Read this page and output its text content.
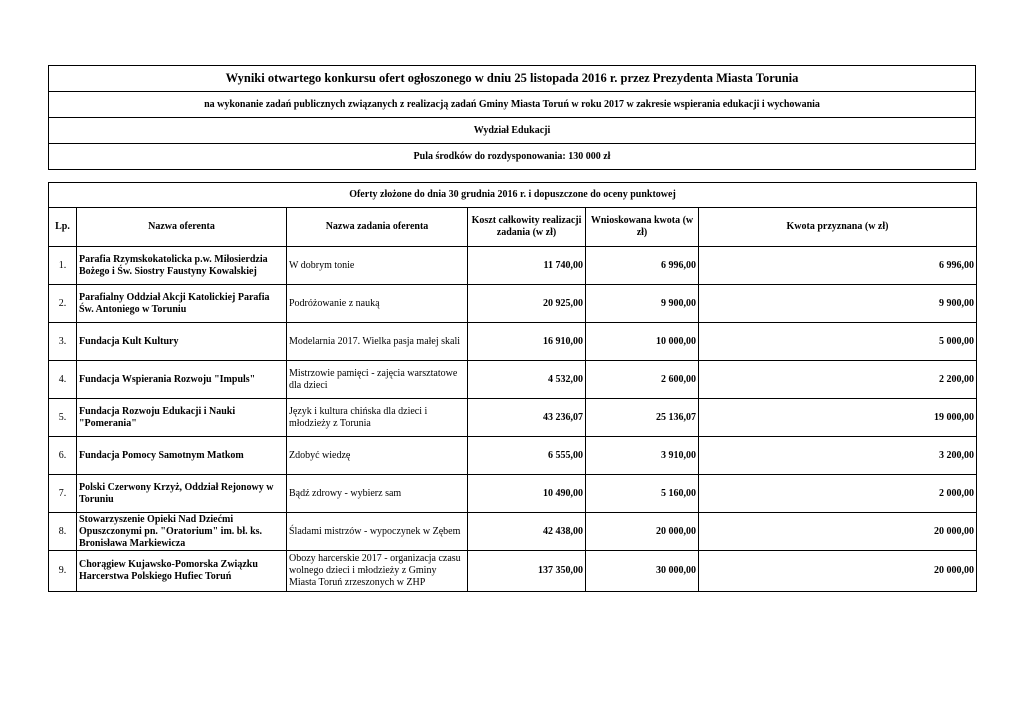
Wyniki otwartego konkursu ofert ogłoszonego w dniu 25 listopada 2016 r. przez Prezydenta Miasta Torunia
na wykonanie zadań publicznych związanych z realizacją zadań Gminy Miasta Toruń w roku 2017 w zakresie wspierania edukacji i wychowania
Wydział Edukacji
Pula środków do rozdysponowania: 130 000 zł
Oferty złożone do dnia 30 grudnia 2016 r. i dopuszczone do oceny punktowej					
Lp.	Nazwa oferenta	Nazwa zadania oferenta	Koszt całkowity realizacji zadania (w zł)	Wnioskowana kwota (w zł)	Kwota przyznana (w zł)
1.	Parafia Rzymskokatolicka p.w. Miłosierdzia Bożego i Św. Siostry Faustyny Kowalskiej	W dobrym tonie	11 740,00	6 996,00	6 996,00
2.	Parafialny Oddział Akcji Katolickiej Parafia Św. Antoniego w Toruniu	Podróżowanie z nauką	20 925,00	9 900,00	9 900,00
3.	Fundacja Kult Kultury	Modelarnia 2017. Wielka pasja małej skali	16 910,00	10 000,00	5 000,00
4.	Fundacja Wspierania Rozwoju "Impuls"	Mistrzowie pamięci - zajęcia warsztatowe dla dzieci	4 532,00	2 600,00	2 200,00
5.	Fundacja Rozwoju Edukacji i Nauki "Pomerania"	Język i kultura chińska dla dzieci i młodzieży z Torunia	43 236,07	25 136,07	19 000,00
6.	Fundacja Pomocy Samotnym Matkom	Zdobyć wiedzę	6 555,00	3 910,00	3 200,00
7.	Polski Czerwony Krzyż, Oddział Rejonowy w Toruniu	Bądź zdrowy - wybierz sam	10 490,00	5 160,00	2 000,00
8.	Stowarzyszenie Opieki Nad Dziećmi Opuszczonymi pn. "Oratorium" im. bł. ks. Bronisława Markiewicza	Śladami mistrzów - wypoczynek w Zębem	42 438,00	20 000,00	20 000,00
9.	Chorągiew Kujawsko-Pomorska Związku Harcerstwa Polskiego Hufiec Toruń	Obozy harcerskie 2017 - organizacja czasu wolnego dzieci i młodzieży z Gminy Miasta Toruń zrzeszonych w ZHP	137 350,00	30 000,00	20 000,00
